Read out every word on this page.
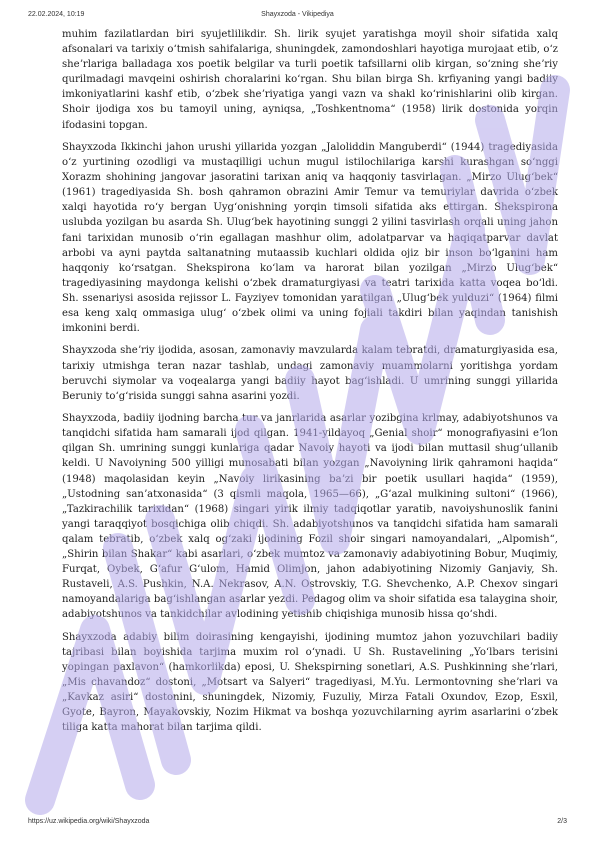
22.02.2024, 10:19	Shayxzoda - Vikipediya

muhim fazilatlardan biri syujetlilikdir. Sh. lirik syujet yaratishga moyil shoir sifatida xalq afsonalari va tarixiy oʻtmish sahifalariga, shuningdek, zamondoshlari hayotiga murojaat etib, oʻz sheʼrlariga balladaga xos poetik belgilar va turli poetik tafsillarni olib kirgan, soʻzning sheʼriy qurilmadagi mavqeini oshirish choralarini koʻrgan. Shu bilan birga Sh. krfiyaning yangi badiiy imkoniyatlarini kashf etib, oʻzbek sheʼriyatiga yangi vazn va shakl koʻrinishlarini olib kirgan. Shoir ijodiga xos bu tamoyil uning, ayniqsa, „Toshkentnoma“ (1958) lirik dostonida yorqin ifodasini topgan.

Shayxzoda Ikkinchi jahon urushi yillarida yozgan „Jaloliddin Manguberdi“ (1944) tragediyasida oʻz yurtining ozodligi va mustaqilligi uchun mugul istilochilariga karshi kurashgan soʻnggi Xorazm shohining jangovar jasoratini tarixan aniq va haqqoniy tasvirlagan. „Mirzo Ulugʻbek“ (1961) tragediyasida Sh. bosh qahramon obrazini Amir Temur va temuriylar davrida oʻzbek xalqi hayotida roʻy bergan Uygʻonishning yorqin timsoli sifatida aks ettirgan. Shekspirona uslubda yozilgan bu asarda Sh. Ulugʻbek hayotining sunggi 2 yilini tasvirlash orqali uning jahon fani tarixidan munosib oʻrin egallagan mashhur olim, adolatparvar va haqiqatparvar davlat arbobi va ayni paytda saltanatning mutaassib kuchlari oldida ojiz bir inson boʻlganini ham haqqoniy koʻrsatgan. Shekspirona koʻlam va harorat bilan yozilgan „Mirzo Ulugʻbek“ tragediyasining maydonga kelishi oʻzbek dramaturgiyasi va teatri tarixida katta voqea boʻldi. Sh. ssenariysi asosida rejissor L. Fayziyev tomonidan yaratilgan „Ulugʻbek yulduzi“ (1964) filmi esa keng xalq ommasiga ulugʻ oʻzbek olimi va uning fojiali takdiri bilan yaqindan tanishish imkonini berdi.

Shayxzoda sheʼriy ijodida, asosan, zamonaviy mavzularda kalam tebratdi, dramaturgiyasida esa, tarixiy utmishga teran nazar tashlab, undagi zamonaviy muammolarni yoritishga yordam beruvchi siymolar va voqealarga yangi badiiy hayot bagʻishladi. U umrining sunggi yillarida Beruniy toʻgʻrisida sunggi sahna asarini yozdi.

Shayxzoda, badiiy ijodning barcha tur va janrlarida asarlar yozibgina krlmay, adabiyotshunos va tanqidchi sifatida ham samarali ijod qilgan. 1941-yildayoq „Genial shoir“ monografiyasini eʼlon qilgan Sh. umrining sunggi kunlariga qadar Navoiy hayoti va ijodi bilan muttasil shugʻullanib keldi. U Navoiyning 500 yilligi munosabati bilan yozgan „Navoiyning lirik qahramoni haqida“ (1948) maqolasidan keyin „Navoiy lirikasining baʼzi bir poetik usullari haqida“ (1959), „Ustodning sanʼatxonasida“ (3 qismli maqola, 1965—66), „Gʻazal mulkining sultoni“ (1966), „Tazkirachilik tarixidan“ (1968) singari yirik ilmiy tadqiqotlar yaratib, navoiyshunoslik fanini yangi taraqqiyot bosqichiga olib chiqdi. Sh. adabiyotshunos va tanqidchi sifatida ham samarali qalam tebratib, oʻzbek xalq ogʻzaki ijodining Fozil shoir singari namoyandalari, „Alpomish“, „Shirin bilan Shakar“ kabi asarlari, oʻzbek mumtoz va zamonaviy adabiyotining Bobur, Muqimiy, Furqat, Oybek, Gʻafur Gʻulom, Hamid Olimjon, jahon adabiyotining Nizomiy Ganjaviy, Sh. Rustaveli, A.S. Pushkin, N.A. Nekrasov, A.N. Ostrovskiy, T.G. Shevchenko, A.P. Chexov singari namoyandalariga bagʻishlangan asarlar yezdi. Pedagog olim va shoir sifatida esa talaygina shoir, adabiyotshunos va tankidchilar avlodining yetishib chiqishiga munosib hissa qoʻshdi.

Shayxzoda adabiy bilim doirasining kengayishi, ijodining mumtoz jahon yozuvchilari badiiy tajribasi bilan boyishida tarjima muxim rol oʻynadi. U Sh. Rustavelining „Yoʻlbars terisini yopingan paxlavon“ (hamkorlikda) eposi, U. Shekspirning sonetlari, A.S. Pushkinning sheʼrlari, „Mis chavandoz“ dostoni, „Motsart va Salyeri“ tragediyasi, M.Yu. Lermontovning sheʼrlari va „Kavkaz asiri“ dostonini, shuningdek, Nizomiy, Fuzuliy, Mirza Fatali Oxundov, Ezop, Esxil, Gyote, Bayron, Mayakovskiy, Nozim Hikmat va boshqa yozuvchilarning ayrim asarlarini oʻzbek tiliga katta mahorat bilan tarjima qildi.

https://uz.wikipedia.org/wiki/Shayxzoda	2/3
